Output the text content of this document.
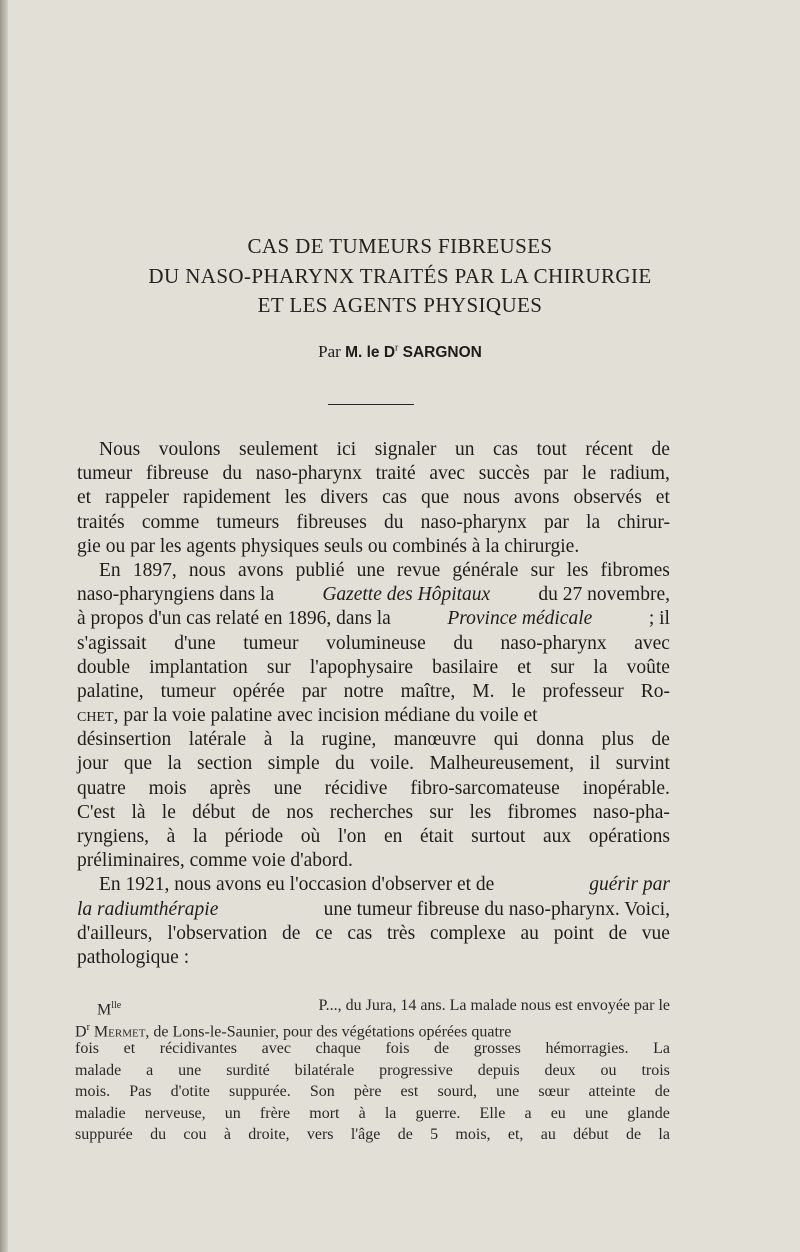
CAS DE TUMEURS FIBREUSES
DU NASO-PHARYNX TRAITÉS PAR LA CHIRURGIE
ET LES AGENTS PHYSIQUES
Par M. le $D^r$ SARGNON
Nous voulons seulement ici signaler un cas tout récent de
tumeur fibreuse du naso-pharynx traité avec succès par le radium,
et rappeler rapidement les divers cas que nous avons observés et
traités comme tumeurs fibreuses du naso-pharynx par la chirur-
gie ou par les agents physiques seuls ou combinés à la chirurgie.
En 1897, nous avons publié une revue générale sur les fibromes
naso-pharyngiens dans la Gazette des Hôpitaux du 27 novembre,
à propos d'un cas relaté en 1896, dans la	Province médicale	; il
s'agissait d'une tumeur volumineuse du naso-pharynx avec
double implantation sur l'apophysaire basilaire et sur la voûte
palatine, tumeur opérée par notre maître, M. le professeur Ro-
chet, par la voie palatine avec incision médiane du voile et
désinsertion latérale à la rugine, manœuvre qui donna plus de
jour que la section simple du voile. Malheureusement, il survint
quatre mois après une récidive fibro-sarcomateuse inopérable.
C'est là le début de nos recherches sur les fibromes naso-pha-
ryngiens, à la période où l'on en était surtout aux opérations
préliminaires, comme voie d'abord.
En 1921, nous avons eu l'occasion d'observer et de	guérir par
la radiumthérapie	une tumeur fibreuse du naso-pharynx. Voici,
d'ailleurs, l'observation de ce cas très complexe au point de vue
pathologique :
$M^{lle}$	P..., du Jura, 14 ans. La malade nous est envoyée par le
$D^r$ Mermet, de Lons-le-Saunier, pour des végétations opérées quatre
fois et récidivantes avec chaque fois de grosses hémorragies. La
malade a une surdité bilatérale progressive depuis deux ou trois
mois. Pas d'otite suppurée. Son père est sourd, une sœur atteinte de
maladie nerveuse, un frère mort à la guerre. Elle a eu une glande
suppurée du cou à droite, vers l'âge de 5 mois, et, au début de la
